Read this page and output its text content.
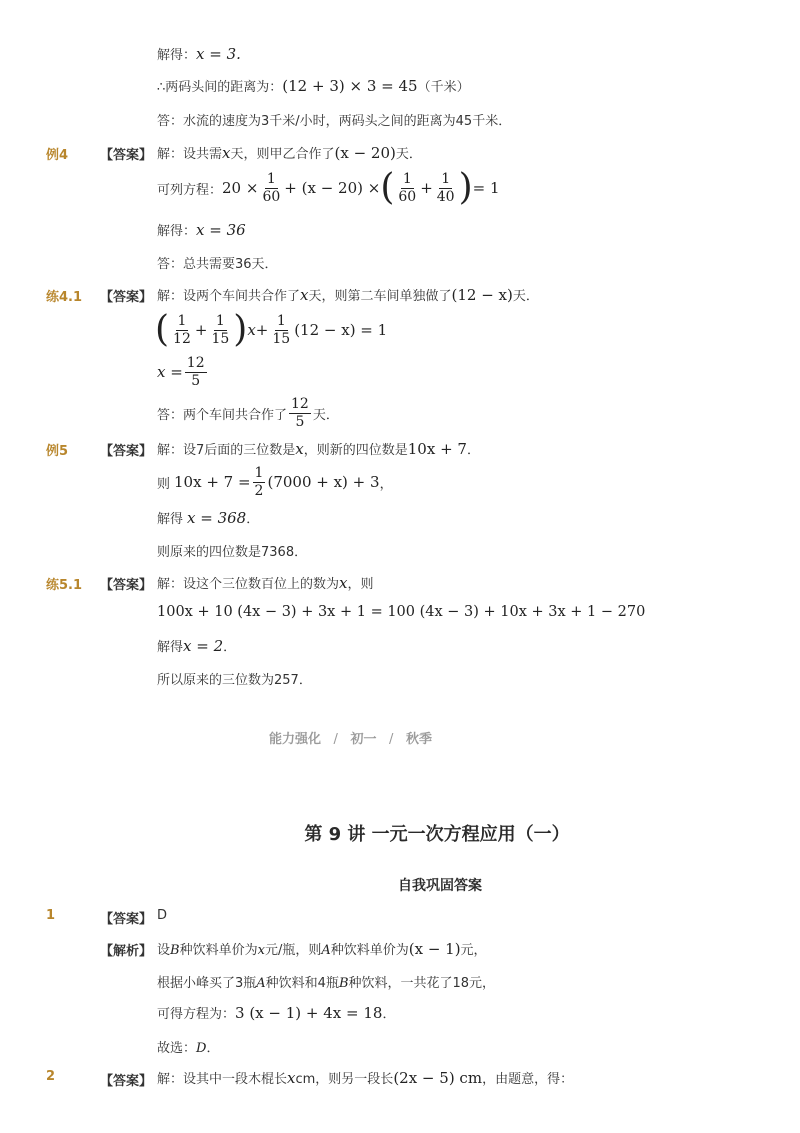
解得：x = 3.
∴两码头间的距离为：(12 + 3) × 3 = 45（千米）
答：水流的速度为3千米/小时，两码头之间的距离为45千米．
例4 【答案】 解：设共需x天，则甲乙合作了(x − 20)天．
可列方程： $20 \times \frac{1}{60} + (x - 20)$ × ( $\frac{1}{60} + \frac{1}{40}$ ) = 1
解得：x = 36
答：总共需要36天．
练4.1 【答案】 解：设两个车间共合作了x天，则第二车间单独做了(12 − x)天．
( $\frac{1}{12} + \frac{1}{15}$ ) $x+ \frac{1}{15} (12 - x) = 1$
$x = \frac{12}{5}$
答：两个车间共合作了 $\frac{12}{5}$ 天．
例5 【答案】 解：设7后面的三位数是x，则新的四位数是10x + 7．
则 $10x + 7 = \frac{1}{2} (7000 + x) + 3$ ，
解得 x = 368．
则原来的四位数是7368．
练5.1 【答案】 解：设这个三位数百位上的数为x，则
100x + 10 (4x − 3) + 3x + 1 = 100 (4x − 3) + 10x + 3x + 1 − 270
解得x = 2．
所以原来的三位数为257．
能力强化 / 初一 / 秋季
第 9 讲 一元一次方程应用（一）
自我巩固答案
1	【答案】 D
【解析】 设B种饮料单价为x元/瓶，则A种饮料单价为(x − 1)元，
根据小峰买了3瓶A种饮料和4瓶B种饮料，一共花了18元，
可得方程为：3 (x − 1) + 4x = 18．
故选：D．
2	【答案】 解：设其中一段木棍长xcm，则另一段长(2x − 5) cm，由题意，得：
